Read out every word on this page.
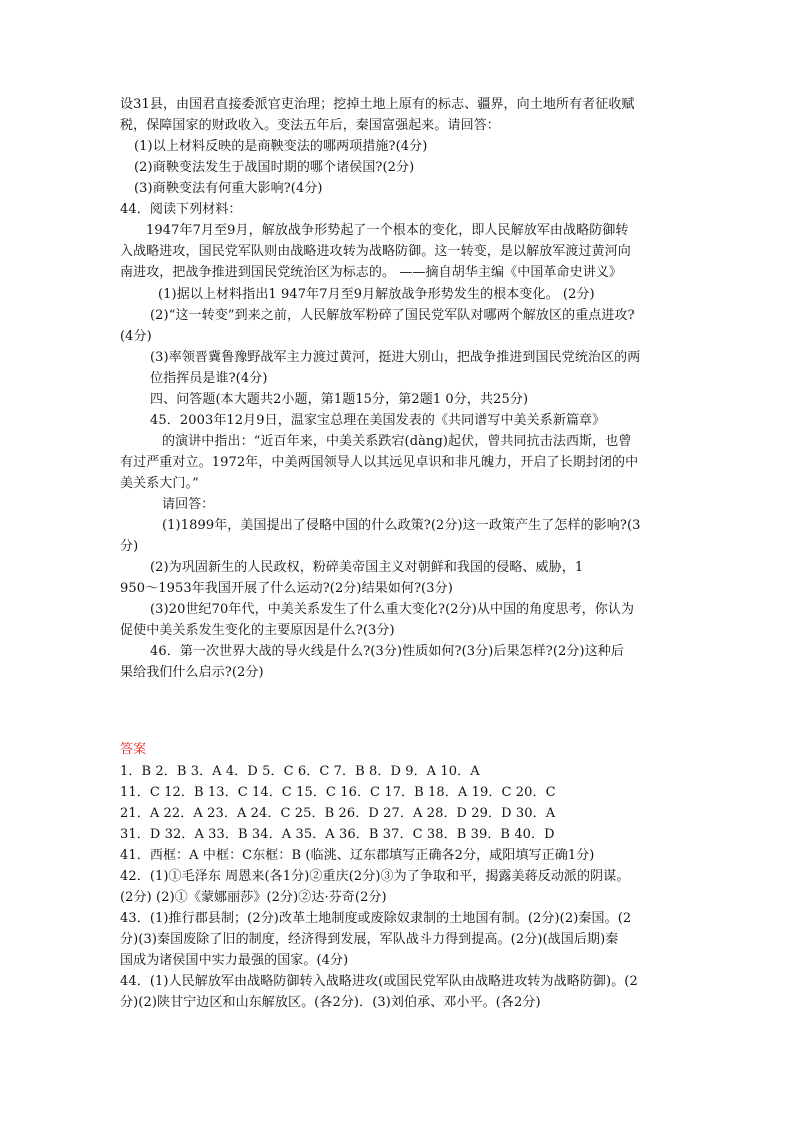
设31县，由国君直接委派官吏治理；挖掉土地上原有的标志、疆界，向土地所有者征收赋
税，保障国家的财政收入。变法五年后，秦国富强起来。请回答：
(1)以上材料反映的是商鞅变法的哪两项措施?(4分)
(2)商鞅变法发生于战国时期的哪个诸侯国?(2分)
(3)商鞅变法有何重大影响?(4分)
44．阅读下列材料：
1947年7月至9月，解放战争形势起了一个根本的变化，即人民解放军由战略防御转
入战略进攻，国民党军队则由战略进攻转为战略防御。这一转变，是以解放军渡过黄河向
南进攻，把战争推进到国民党统治区为标志的。 ——摘自胡华主编《中国革命史讲义》
(1)据以上材料指出1 947年7月至9月解放战争形势发生的根本变化。 (2分)
(2)“这一转变”到来之前，人民解放军粉碎了国民党军队对哪两个解放区的重点进攻?
(4分)
(3)率领晋冀鲁豫野战军主力渡过黄河，挺进大别山，把战争推进到国民党统治区的两
位指挥员是谁?(4分)
四、问答题(本大题共2小题，第1题15分，第2题1 0分，共25分)
45．2003年12月9日，温家宝总理在美国发表的《共同谱写中美关系新篇章》
的演讲中指出：“近百年来，中美关系跌宕(dàng)起伏，曾共同抗击法西斯，也曾
有过严重对立。1972年，中美两国领导人以其远见卓识和非凡魄力，开启了长期封闭的中
美关系大门。”
请回答：
(1)1899年，美国提出了侵略中国的什么政策?(2分)这一政策产生了怎样的影响?(3
分)
(2)为巩固新生的人民政权，粉碎美帝国主义对朝鲜和我国的侵略、威胁，1
950～1953年我国开展了什么运动?(2分)结果如何?(3分)
(3)20世纪70年代，中美关系发生了什么重大变化?(2分)从中国的角度思考，你认为
促使中美关系发生变化的主要原因是什么?(3分)
46．第一次世界大战的导火线是什么?(3分)性质如何?(3分)后果怎样?(2分)这种后
果给我们什么启示?(2分)
答案
1．B 2．B 3．A 4．D 5．C 6．C 7．B 8．D 9．A 10．A
11．C 12．B 13．C 14．C 15．C 16．C 17．B 18．A 19．C 20．C
21．A 22．A 23．A 24．C 25．B 26．D 27．A 28．D 29．D 30．A
31．D 32．A 33．B 34．A 35．A 36．B 37．C 38．B 39．B 40．D
41．西框：A 中框：C东框：B (临洮、辽东郡填写正确各2分，咸阳填写正确1分)
42．(1)①毛泽东 周恩来(各1分)②重庆(2分)③为了争取和平，揭露美蒋反动派的阴谋。
(2分) (2)①《蒙娜丽莎》(2分)②达·芬奇(2分)
43．(1)推行郡县制；(2分)改革土地制度或废除奴隶制的土地国有制。(2分)(2)秦国。(2
分)(3)秦国废除了旧的制度，经济得到发展，军队战斗力得到提高。(2分)(战国后期)秦
国成为诸侯国中实力最强的国家。(4分)
44．(1)人民解放军由战略防御转入战略进攻(或国民党军队由战略进攻转为战略防御)。(2
分)(2)陕甘宁边区和山东解放区。(各2分)．(3)刘伯承、邓小平。(各2分)
